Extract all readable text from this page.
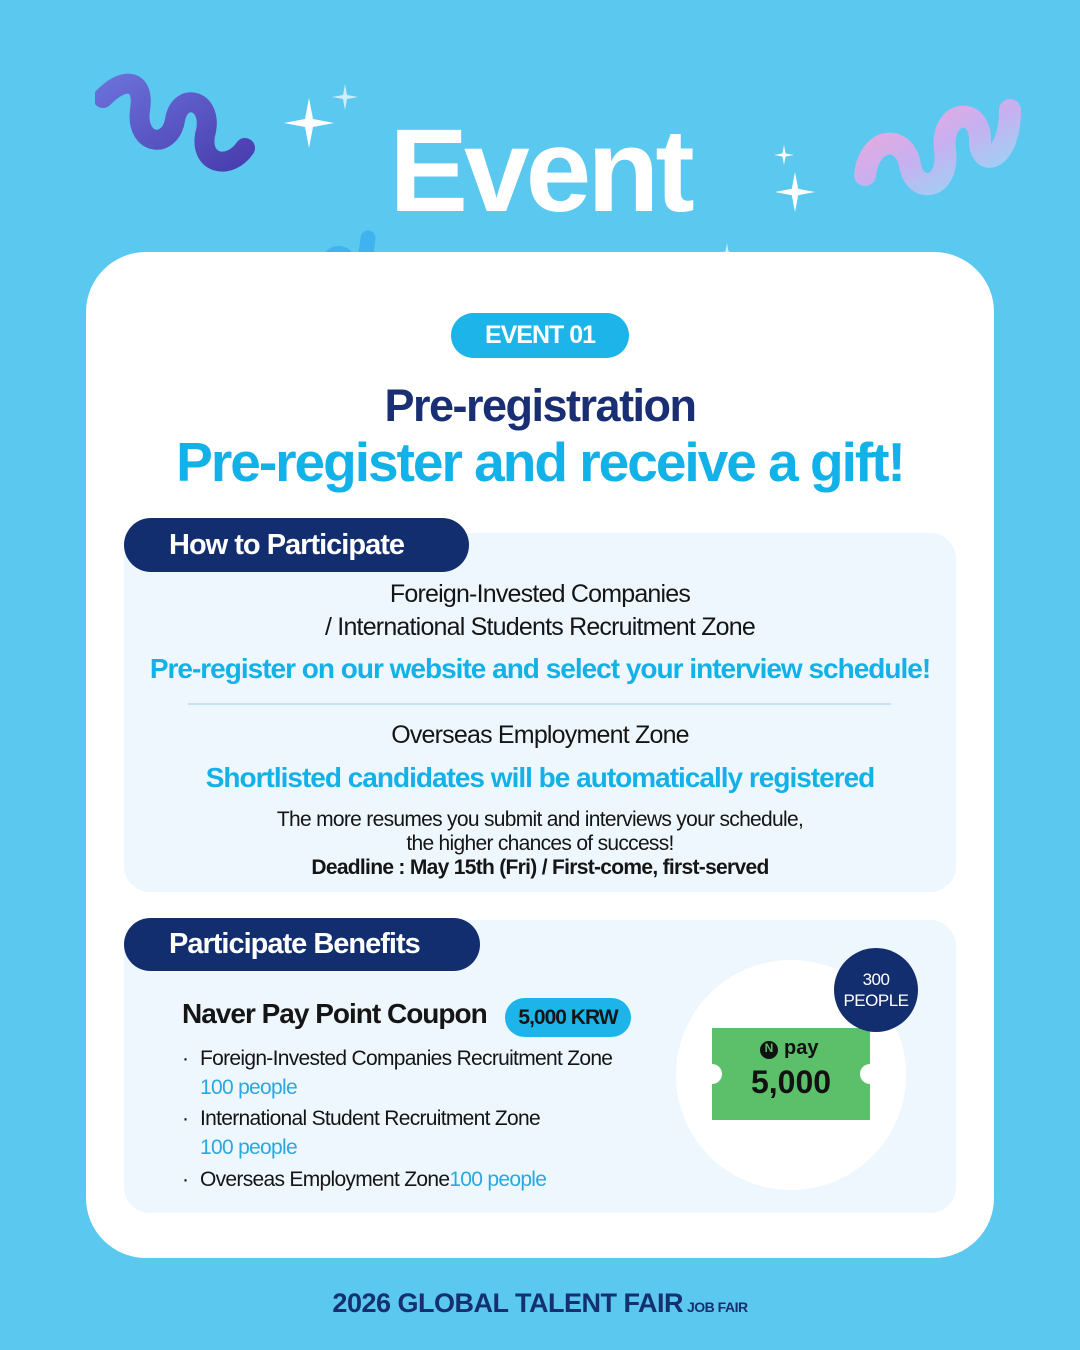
Event
EVENT 01
Pre-registration
Pre-register and receive a gift!
How to Participate
Foreign-Invested Companies
/ International Students Recruitment Zone
Pre-register on our website and select your interview schedule!
Overseas Employment Zone
Shortlisted candidates will be automatically registered
The more resumes you submit and interviews your schedule,
the higher chances of success!
Deadline : May 15th (Fri) / First-come, first-served
Participate Benefits
Naver Pay Point Coupon	5,000 KRW
· Foreign-Invested Companies Recruitment Zone
100 people
· International Student Recruitment Zone
100 people
· Overseas Employment Zone100 people
N pay
5,000
300
PEOPLE
2026 GLOBAL TALENT FAIR JOB FAIR
